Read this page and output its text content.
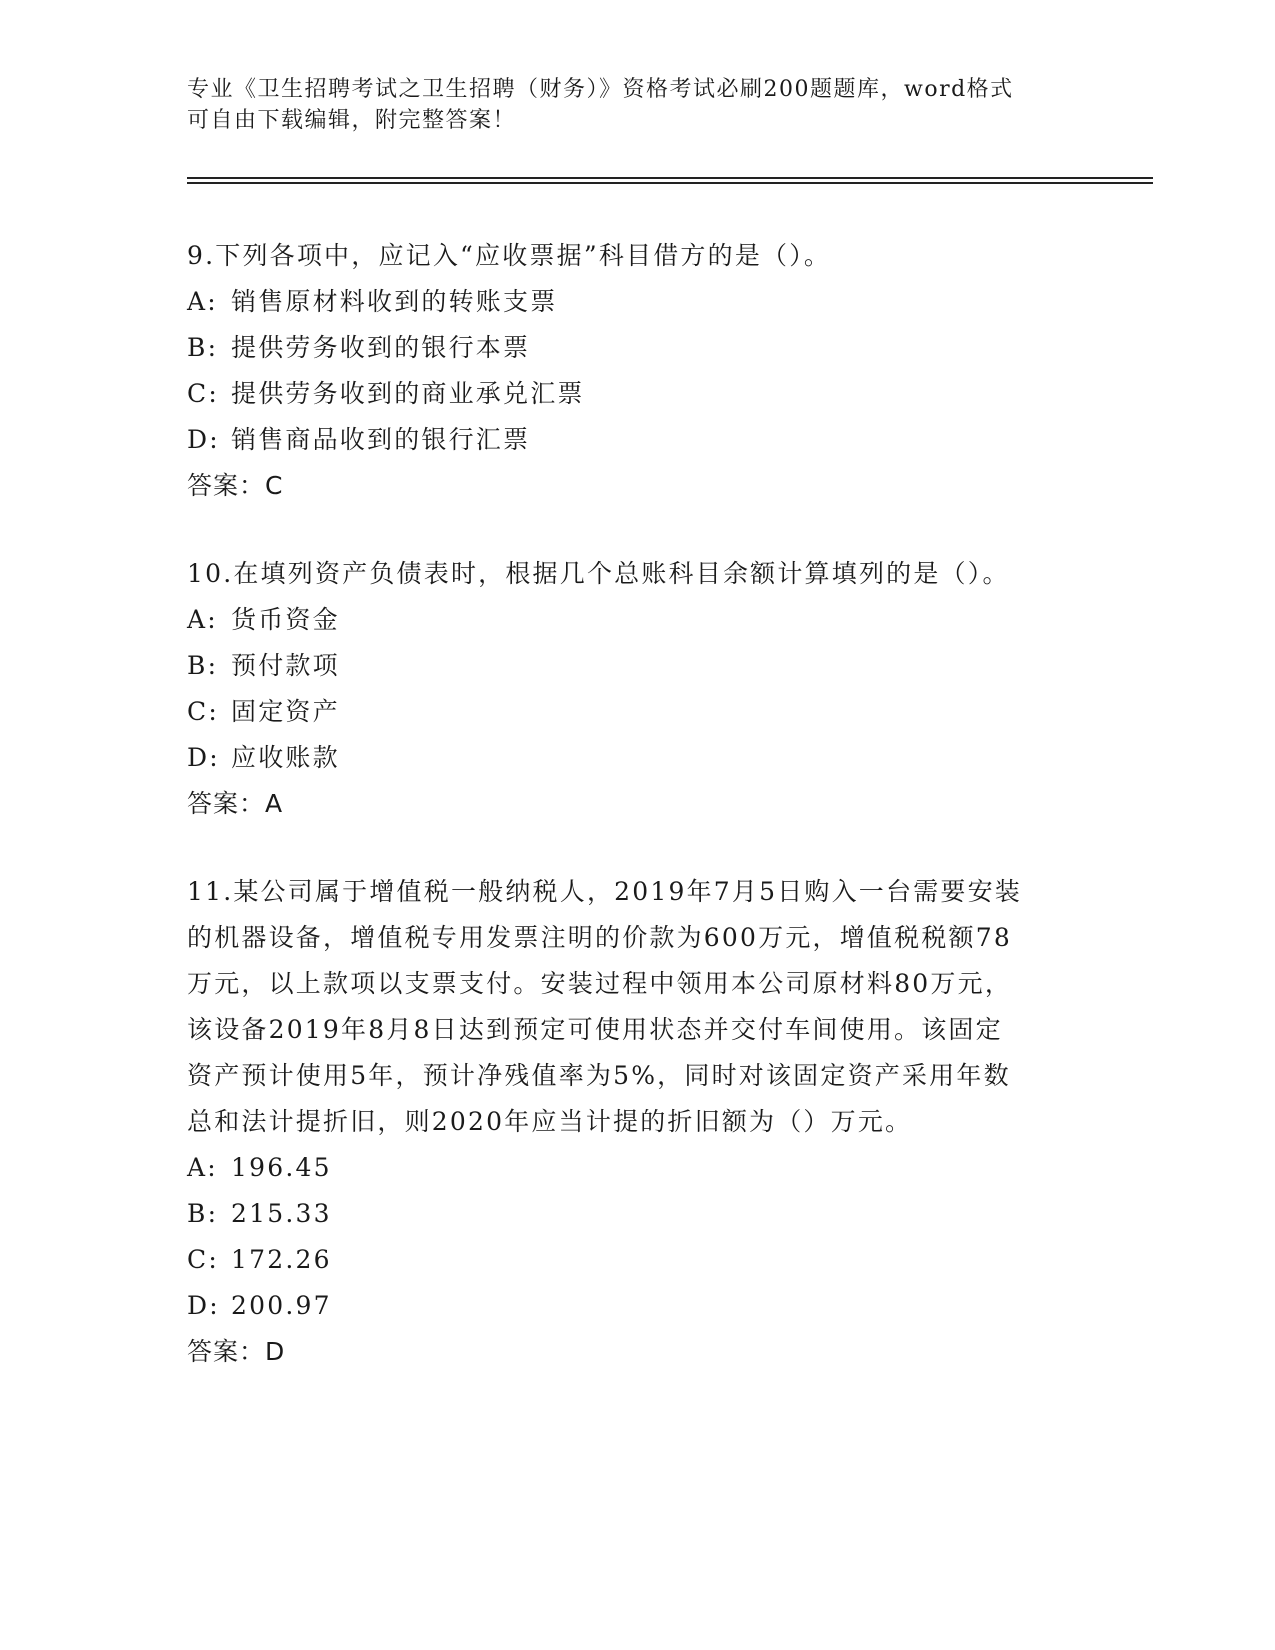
专业《卫生招聘考试之卫生招聘（财务）》资格考试必刷200题题库，word格式
可自由下载编辑，附完整答案！
9.下列各项中，应记入“应收票据”科目借方的是（）。
A: 销售原材料收到的转账支票
B: 提供劳务收到的银行本票
C: 提供劳务收到的商业承兑汇票
D: 销售商品收到的银行汇票
答案：C
10.在填列资产负债表时，根据几个总账科目余额计算填列的是（）。
A: 货币资金
B: 预付款项
C: 固定资产
D: 应收账款
答案：A
11.某公司属于增值税一般纳税人，2019年7月5日购入一台需要安装
的机器设备，增值税专用发票注明的价款为600万元，增值税税额78
万元，以上款项以支票支付。安装过程中领用本公司原材料80万元，
该设备2019年8月8日达到预定可使用状态并交付车间使用。该固定
资产预计使用5年，预计净残值率为5%，同时对该固定资产采用年数
总和法计提折旧，则2020年应当计提的折旧额为（）万元。
A: 196.45
B: 215.33
C: 172.26
D: 200.97
答案：D
